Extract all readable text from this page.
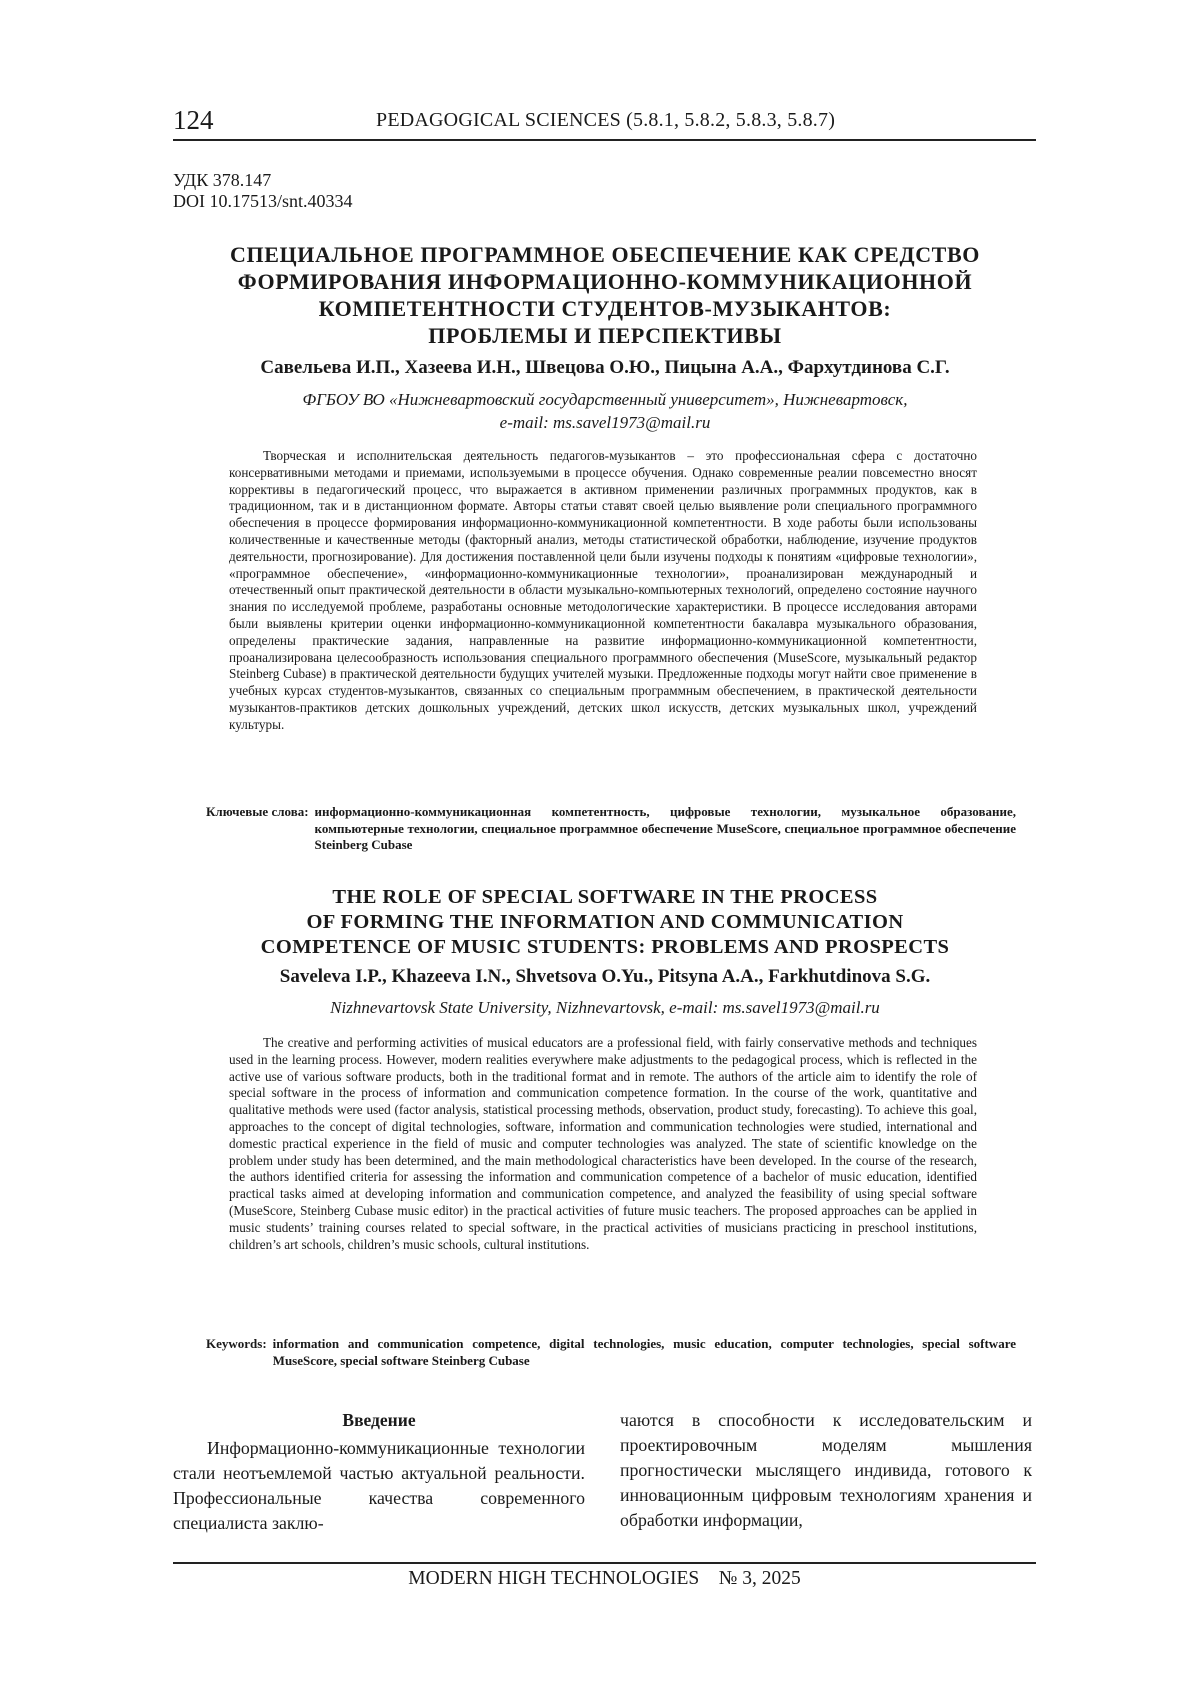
124	PEDAGOGICAL SCIENCES (5.8.1, 5.8.2, 5.8.3, 5.8.7)
УДК 378.147
DOI 10.17513/snt.40334
СПЕЦИАЛЬНОЕ ПРОГРАММНОЕ ОБЕСПЕЧЕНИЕ КАК СРЕДСТВО
ФОРМИРОВАНИЯ ИНФОРМАЦИОННО-КОММУНИКАЦИОННОЙ
КОМПЕТЕНТНОСТИ СТУДЕНТОВ-МУЗЫКАНТОВ:
ПРОБЛЕМЫ И ПЕРСПЕКТИВЫ
Савельева И.П., Хазеева И.Н., Швецова О.Ю., Пицына А.А., Фархутдинова С.Г.
ФГБОУ ВО «Нижневартовский государственный университет», Нижневартовск,
e-mail: ms.savel1973@mail.ru
Творческая и исполнительская деятельность педагогов-музыкантов – это профессиональная сфера с достаточно консервативными методами и приемами, используемыми в процессе обучения. Однако современные реалии повсеместно вносят коррективы в педагогический процесс, что выражается в активном применении различных программных продуктов, как в традиционном, так и в дистанционном формате. Авторы статьи ставят своей целью выявление роли специального программного обеспечения в процессе формирования информационно-коммуникационной компетентности. В ходе работы были использованы количественные и качественные методы (факторный анализ, методы статистической обработки, наблюдение, изучение продуктов деятельности, прогнозирование). Для достижения поставленной цели были изучены подходы к понятиям «цифровые технологии», «программное обеспечение», «информационно-коммуникационные технологии», проанализирован международный и отечественный опыт практической деятельности в области музыкально-компьютерных технологий, определено состояние научного знания по исследуемой проблеме, разработаны основные методологические характеристики. В процессе исследования авторами были выявлены критерии оценки информационно-коммуникационной компетентности бакалавра музыкального образования, определены практические задания, направленные на развитие информационно-коммуникационной компетентности, проанализирована целесообразность использования специального программного обеспечения (MuseScore, музыкальный редактор Steinberg Cubase) в практической деятельности будущих учителей музыки. Предложенные подходы могут найти свое применение в учебных курсах студентов-музыкантов, связанных со специальным программным обеспечением, в практической деятельности музыкантов-практиков детских дошкольных учреждений, детских школ искусств, детских музыкальных школ, учреждений культуры.
Ключевые слова: информационно-коммуникационная компетентность, цифровые технологии, музыкальное образование, компьютерные технологии, специальное программное обеспечение MuseScore, специальное программное обеспечение Steinberg Cubase
THE ROLE OF SPECIAL SOFTWARE IN THE PROCESS
OF FORMING THE INFORMATION AND COMMUNICATION
COMPETENCE OF MUSIC STUDENTS: PROBLEMS AND PROSPECTS
Saveleva I.P., Khazeeva I.N., Shvetsova O.Yu., Pitsyna A.A., Farkhutdinova S.G.
Nizhnevartovsk State University, Nizhnevartovsk, e-mail: ms.savel1973@mail.ru
The creative and performing activities of musical educators are a professional field, with fairly conservative methods and techniques used in the learning process. However, modern realities everywhere make adjustments to the pedagogical process, which is reflected in the active use of various software products, both in the traditional format and in remote. The authors of the article aim to identify the role of special software in the process of information and communication competence formation. In the course of the work, quantitative and qualitative methods were used (factor analysis, statistical processing methods, observation, product study, forecasting). To achieve this goal, approaches to the concept of digital technologies, software, information and communication technologies were studied, international and domestic practical experience in the field of music and computer technologies was analyzed. The state of scientific knowledge on the problem under study has been determined, and the main methodological characteristics have been developed. In the course of the research, the authors identified criteria for assessing the information and communication competence of a bachelor of music education, identified practical tasks aimed at developing information and communication competence, and analyzed the feasibility of using special software (MuseScore, Steinberg Cubase music editor) in the practical activities of future music teachers. The proposed approaches can be applied in music students’ training courses related to special software, in the practical activities of musicians practicing in preschool institutions, children’s art schools, children’s music schools, cultural institutions.
Keywords: information and communication competence, digital technologies, music education, computer technologies, special software MuseScore, special software Steinberg Cubase
Введение

Информационно-коммуникационные технологии стали неотъемлемой частью актуальной реальности. Профессиональные качества современного специалиста заклю-

чаются в способности к исследовательским и проектировочным моделям мышления прогностически мыслящего индивида, готового к инновационным цифровым технологиям хранения и обработки информации,

MODERN HIGH TECHNOLOGIES № 3, 2025
